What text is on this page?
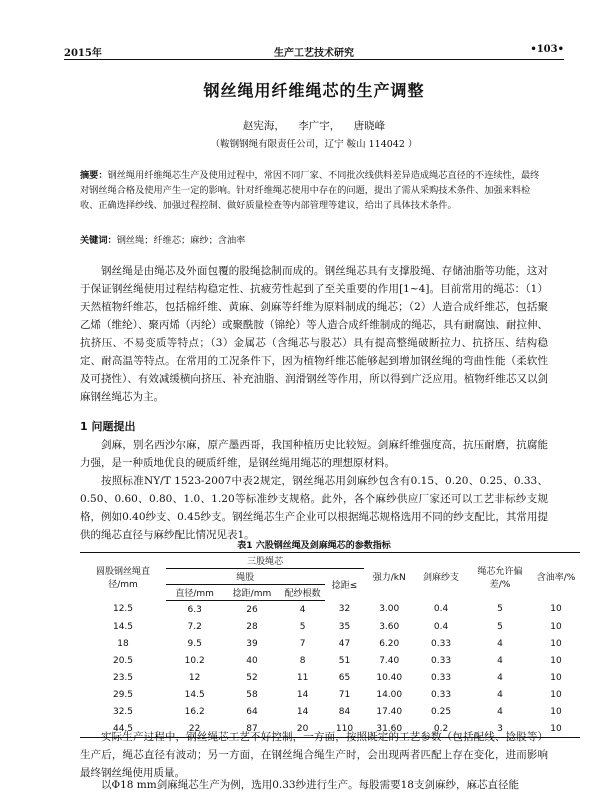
2015年	生产工艺技术研究	•103•
钢丝绳用纤维绳芯的生产调整
赵宪海， 李广宇， 唐晓峰
（鞍钢钢绳有限责任公司，辽宁 鞍山 114042 ）
摘要：钢丝绳用纤维绳芯生产及使用过程中，常因不同厂家、不同批次线供料差异造成绳芯直径的不连续性，最终对钢丝绳合格及使用产生一定的影响。针对纤维绳芯使用中存在的问题，提出了需从采购技术条件、加强来料检收、正确选择纱线、加强过程控制、做好质量检查等内部管理等建议，给出了具体技术条件。
关键词：钢丝绳；纤维芯；麻纱；含油率

钢丝绳是由绳芯及外面包覆的股绳捻制而成的。钢丝绳芯具有支撑股绳、存储油脂等功能，这对于保证钢丝绳使用过程结构稳定性、抗疲劳性起到了至关重要的作用[1~4]。目前常用的绳芯：（1）天然植物纤维芯，包括棉纤维、黄麻、剑麻等纤维为原料制成的绳芯；（2）人造合成纤维芯，包括聚乙烯（维纶）、聚丙烯（丙纶）或聚酰胺（锦纶）等人造合成纤维制成的绳芯，具有耐腐蚀、耐拉伸、抗挤压、不易变质等特点；（3）金属芯（含绳芯与股芯）具有提高整绳破断拉力、抗挤压、结构稳定、耐高温等特点。在常用的工况条件下，因为植物纤维芯能够起到增加钢丝绳的弯曲性能（柔软性及可挠性）、有效减缓横向挤压、补充油脂、润滑钢丝等作用，所以得到广泛应用。植物纤维芯又以剑麻钢丝绳芯为主。

1 问题提出

剑麻，别名西沙尔麻，原产墨西哥，我国种植历史比较短。剑麻纤维强度高，抗压耐磨，抗腐能力强，是一种质地优良的硬质纤维，是钢丝绳用绳芯的理想原材料。

按照标准NY/T 1523-2007中表2规定，钢丝绳芯用剑麻纱包含有0.15、0.20、0.25、0.33、0.50、0.60、0.80、1.0、1.20等标准纱支规格。此外，各个麻纱供应厂家还可以工艺非标纱支规格，例如0.40纱支、0.45纱支。钢丝绳芯生产企业可以根据绳芯规格选用不同的纱支配比，其常用提供的绳芯直径与麻纱配比情况见表1。

表1 六股钢丝绳及剑麻绳芯的参数指标
圆股钢丝绳直径/mm	三股绳芯				强力/kN	剑麻纱支	绳芯允许偏差/%	含油率/%
	绳股			捻距≤				
	直径/mm	捻距/mm	配纱根数					
12.5	6.3	26	4	32	3.00	0.4	5	10
14.5	7.2	28	5	35	3.60	0.4	5	10
18	9.5	39	7	47	6.20	0.33	4	10
20.5	10.2	40	8	51	7.40	0.33	4	10
23.5	12	52	11	65	10.40	0.33	4	10
29.5	14.5	58	14	71	14.00	0.33	4	10
32.5	16.2	64	14	84	17.40	0.25	4	10
44.5	22	87	20	110	31.60	0.2	3	10

实际生产过程中，钢丝绳芯工艺不好控制，一方面，按照既定的工艺参数（包括配线、捻股等）生产后，绳芯直径有波动；另一方面，在钢丝绳合绳生产时，会出现两者匹配上存在变化，进而影响最终钢丝绳使用质量。

以Φ18 mm剑麻绳芯生产为例，选用0.33纱进行生产。每股需要18支剑麻纱，麻芯直径能
